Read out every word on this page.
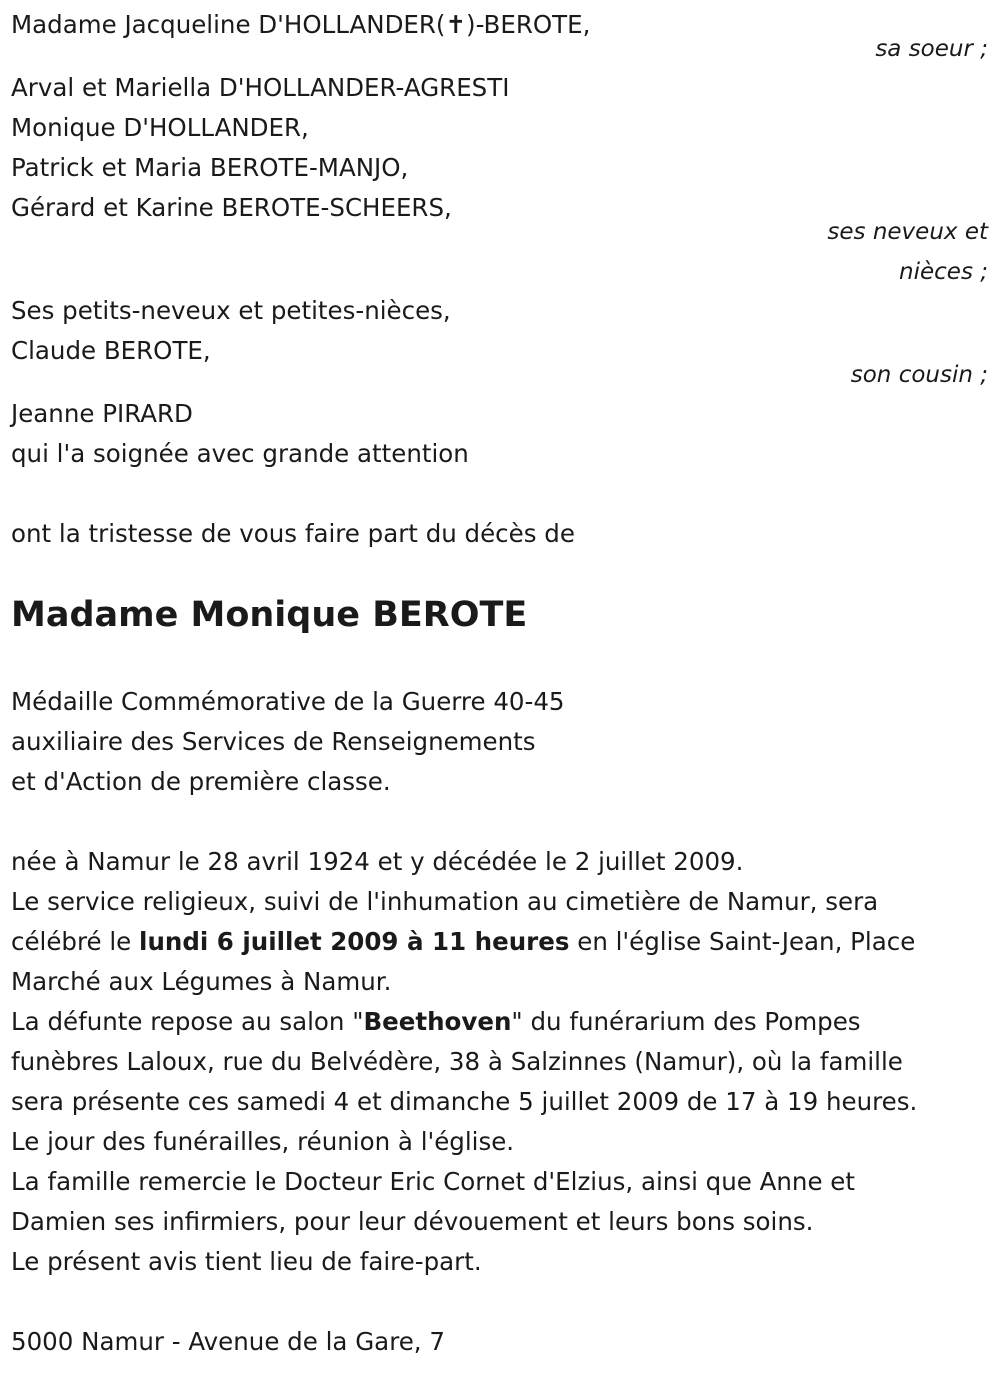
Madame Jacqueline D'HOLLANDER(✝)-BEROTE,
sa soeur ;
Arval et Mariella D'HOLLANDER-AGRESTI
Monique D'HOLLANDER,
Patrick et Maria BEROTE-MANJO,
Gérard et Karine BEROTE-SCHEERS,
ses neveux et
nièces ;
Ses petits-neveux et petites-nièces,
Claude BEROTE,
son cousin ;
Jeanne PIRARD
qui l'a soignée avec grande attention
ont la tristesse de vous faire part du décès de
Madame Monique BEROTE
Médaille Commémorative de la Guerre 40-45
auxiliaire des Services de Renseignements
et d'Action de première classe.
née à Namur le 28 avril 1924 et y décédée le 2 juillet 2009.
Le service religieux, suivi de l'inhumation au cimetière de Namur, sera
célébré le lundi 6 juillet 2009 à 11 heures en l'église Saint-Jean, Place
Marché aux Légumes à Namur.
La défunte repose au salon "Beethoven" du funérarium des Pompes
funèbres Laloux, rue du Belvédère, 38 à Salzinnes (Namur), où la famille
sera présente ces samedi 4 et dimanche 5 juillet 2009 de 17 à 19 heures.
Le jour des funérailles, réunion à l'église.
La famille remercie le Docteur Eric Cornet d'Elzius, ainsi que Anne et
Damien ses infirmiers, pour leur dévouement et leurs bons soins.
Le présent avis tient lieu de faire-part.
5000 Namur - Avenue de la Gare, 7
